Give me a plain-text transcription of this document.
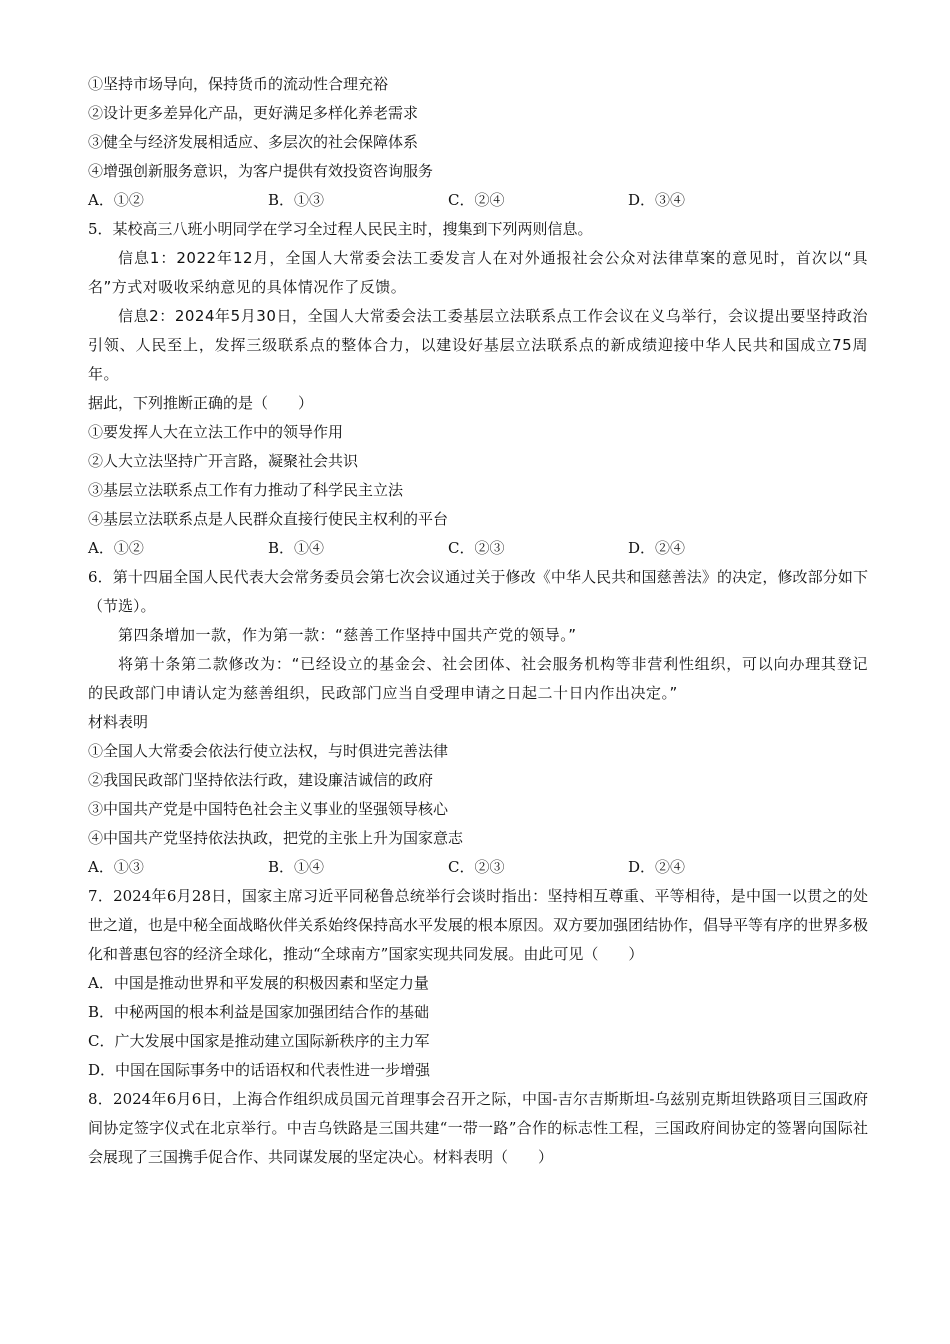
①坚持市场导向，保持货币的流动性合理充裕

②设计更多差异化产品，更好满足多样化养老需求

③健全与经济发展相适应、多层次的社会保障体系

④增强创新服务意识，为客户提供有效投资咨询服务

A．①②	B．①③	C．②④	D．③④

5．某校高三八班小明同学在学习全过程人民民主时，搜集到下列两则信息。

信息1：2022年12月，全国人大常委会法工委发言人在对外通报社会公众对法律草案的意见时，首次以“具名”方式对吸收采纳意见的具体情况作了反馈。

信息2：2024年5月30日，全国人大常委会法工委基层立法联系点工作会议在义乌举行，会议提出要坚持政治引领、人民至上，发挥三级联系点的整体合力，以建设好基层立法联系点的新成绩迎接中华人民共和国成立75周年。

据此，下列推断正确的是（　　）

①要发挥人大在立法工作中的领导作用

②人大立法坚持广开言路，凝聚社会共识

③基层立法联系点工作有力推动了科学民主立法

④基层立法联系点是人民群众直接行使民主权利的平台

A．①②	B．①④	C．②③	D．②④

6．第十四届全国人民代表大会常务委员会第七次会议通过关于修改《中华人民共和国慈善法》的决定，修改部分如下（节选）。

第四条增加一款，作为第一款：“慈善工作坚持中国共产党的领导。”

将第十条第二款修改为：“已经设立的基金会、社会团体、社会服务机构等非营利性组织，可以向办理其登记的民政部门申请认定为慈善组织，民政部门应当自受理申请之日起二十日内作出决定。”

材料表明

①全国人大常委会依法行使立法权，与时俱进完善法律

②我国民政部门坚持依法行政，建设廉洁诚信的政府

③中国共产党是中国特色社会主义事业的坚强领导核心

④中国共产党坚持依法执政，把党的主张上升为国家意志

A．①③	B．①④	C．②③	D．②④

7．2024年6月28日，国家主席习近平同秘鲁总统举行会谈时指出：坚持相互尊重、平等相待，是中国一以贯之的处世之道，也是中秘全面战略伙伴关系始终保持高水平发展的根本原因。双方要加强团结协作，倡导平等有序的世界多极化和普惠包容的经济全球化，推动“全球南方”国家实现共同发展。由此可见（　　）

A．中国是推动世界和平发展的积极因素和坚定力量

B．中秘两国的根本利益是国家加强团结合作的基础

C．广大发展中国家是推动建立国际新秩序的主力军

D．中国在国际事务中的话语权和代表性进一步增强

8．2024年6月6日，上海合作组织成员国元首理事会召开之际，中国-吉尔吉斯斯坦-乌兹别克斯坦铁路项目三国政府间协定签字仪式在北京举行。中吉乌铁路是三国共建“一带一路”合作的标志性工程，三国政府间协定的签署向国际社会展现了三国携手促合作、共同谋发展的坚定决心。材料表明（　　）
